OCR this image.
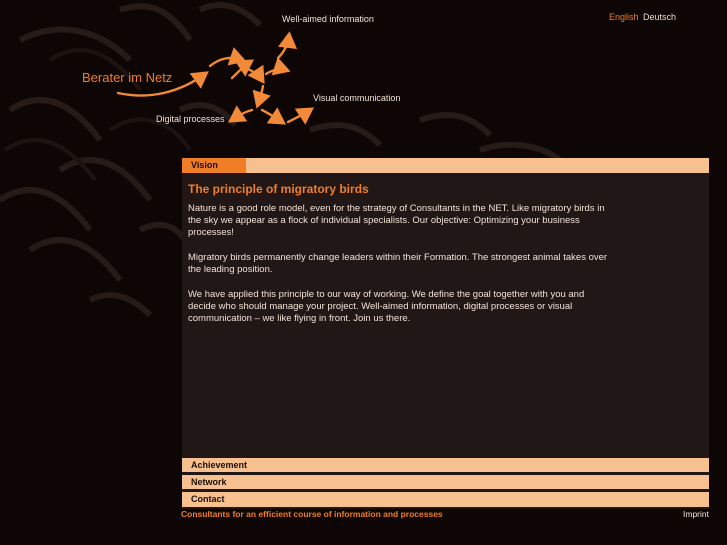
English Deutsch
Berater im Netz
Well-aimed information
Visual communication
Digital processes
Vision
The principle of migratory birds

Nature is a good role model, even for the strategy of Consultants in the NET. Like migratory birds in the sky we appear as a flock of individual specialists. Our objective: Optimizing your business processes!

Migratory birds permanently change leaders within their Formation. The strongest animal takes over the leading position.

We have applied this principle to our way of working. We define the goal together with you and decide who should manage your project. Well-aimed information, digital processes or visual communication – we like flying in front. Join us there.

Achievement
Network
Contact
Consultants for an efficient course of information and processes	Imprint
